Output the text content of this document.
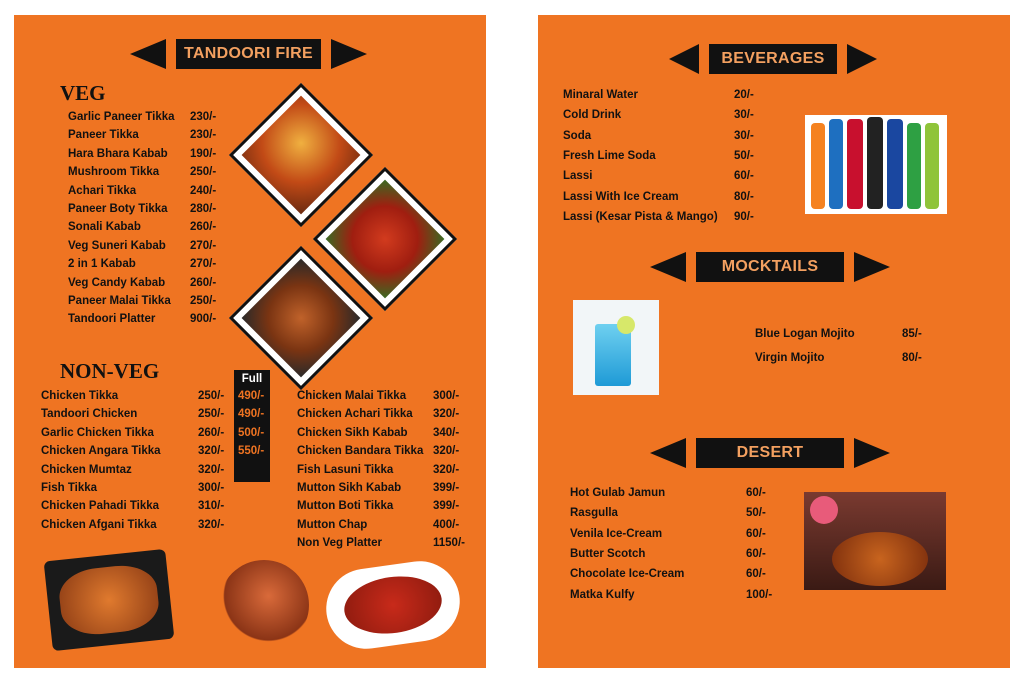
TANDOORI FIRE
VEG
Garlic Paneer Tikka 230/-
Paneer Tikka	230/-
Hara Bhara Kabab 190/-
Mushroom Tikka	250/-
Achari Tikka	240/-
Paneer Boty Tikka 280/-
Sonali Kabab	260/-
Veg Suneri Kabab 270/-
2 in 1 Kabab	270/-
Veg Candy Kabab 260/-
Paneer Malai Tikka 250/-
Tandoori Platter	900/-
NON-VEG	Full
Chicken Tikka	250/- 490/-
Tandoori Chicken	250/- 490/-
Garlic Chicken Tikka	260/- 500/-
Chicken Angara Tikka	320/- 550/-
Chicken Mumtaz	320/-
Fish Tikka	300/-
Chicken Pahadi Tikka	310/-
Chicken Afgani Tikka	320/-
Chicken Malai Tikka 300/-
Chicken Achari Tikka 320/-
Chicken Sikh Kabab 340/-
Chicken Bandara Tikka 320/-
Fish Lasuni Tikka	320/-
Mutton Sikh Kabab	399/-
Mutton Boti Tikka	399/-
Mutton Chap	400/-
Non Veg Platter	1150/-
BEVERAGES
Minaral Water	20/-
Cold Drink	30/-
Soda	30/-
Fresh Lime Soda	50/-
Lassi	60/-
Lassi With Ice Cream	80/-
Lassi (Kesar Pista & Mango) 90/-
MOCKTAILS
Blue Logan Mojito	85/-
Virgin Mojito	80/-
DESERT
Hot Gulab Jamun	60/-
Rasgulla	50/-
Venila Ice-Cream	60/-
Butter Scotch	60/-
Chocolate Ice-Cream	60/-
Matka Kulfy	100/-
